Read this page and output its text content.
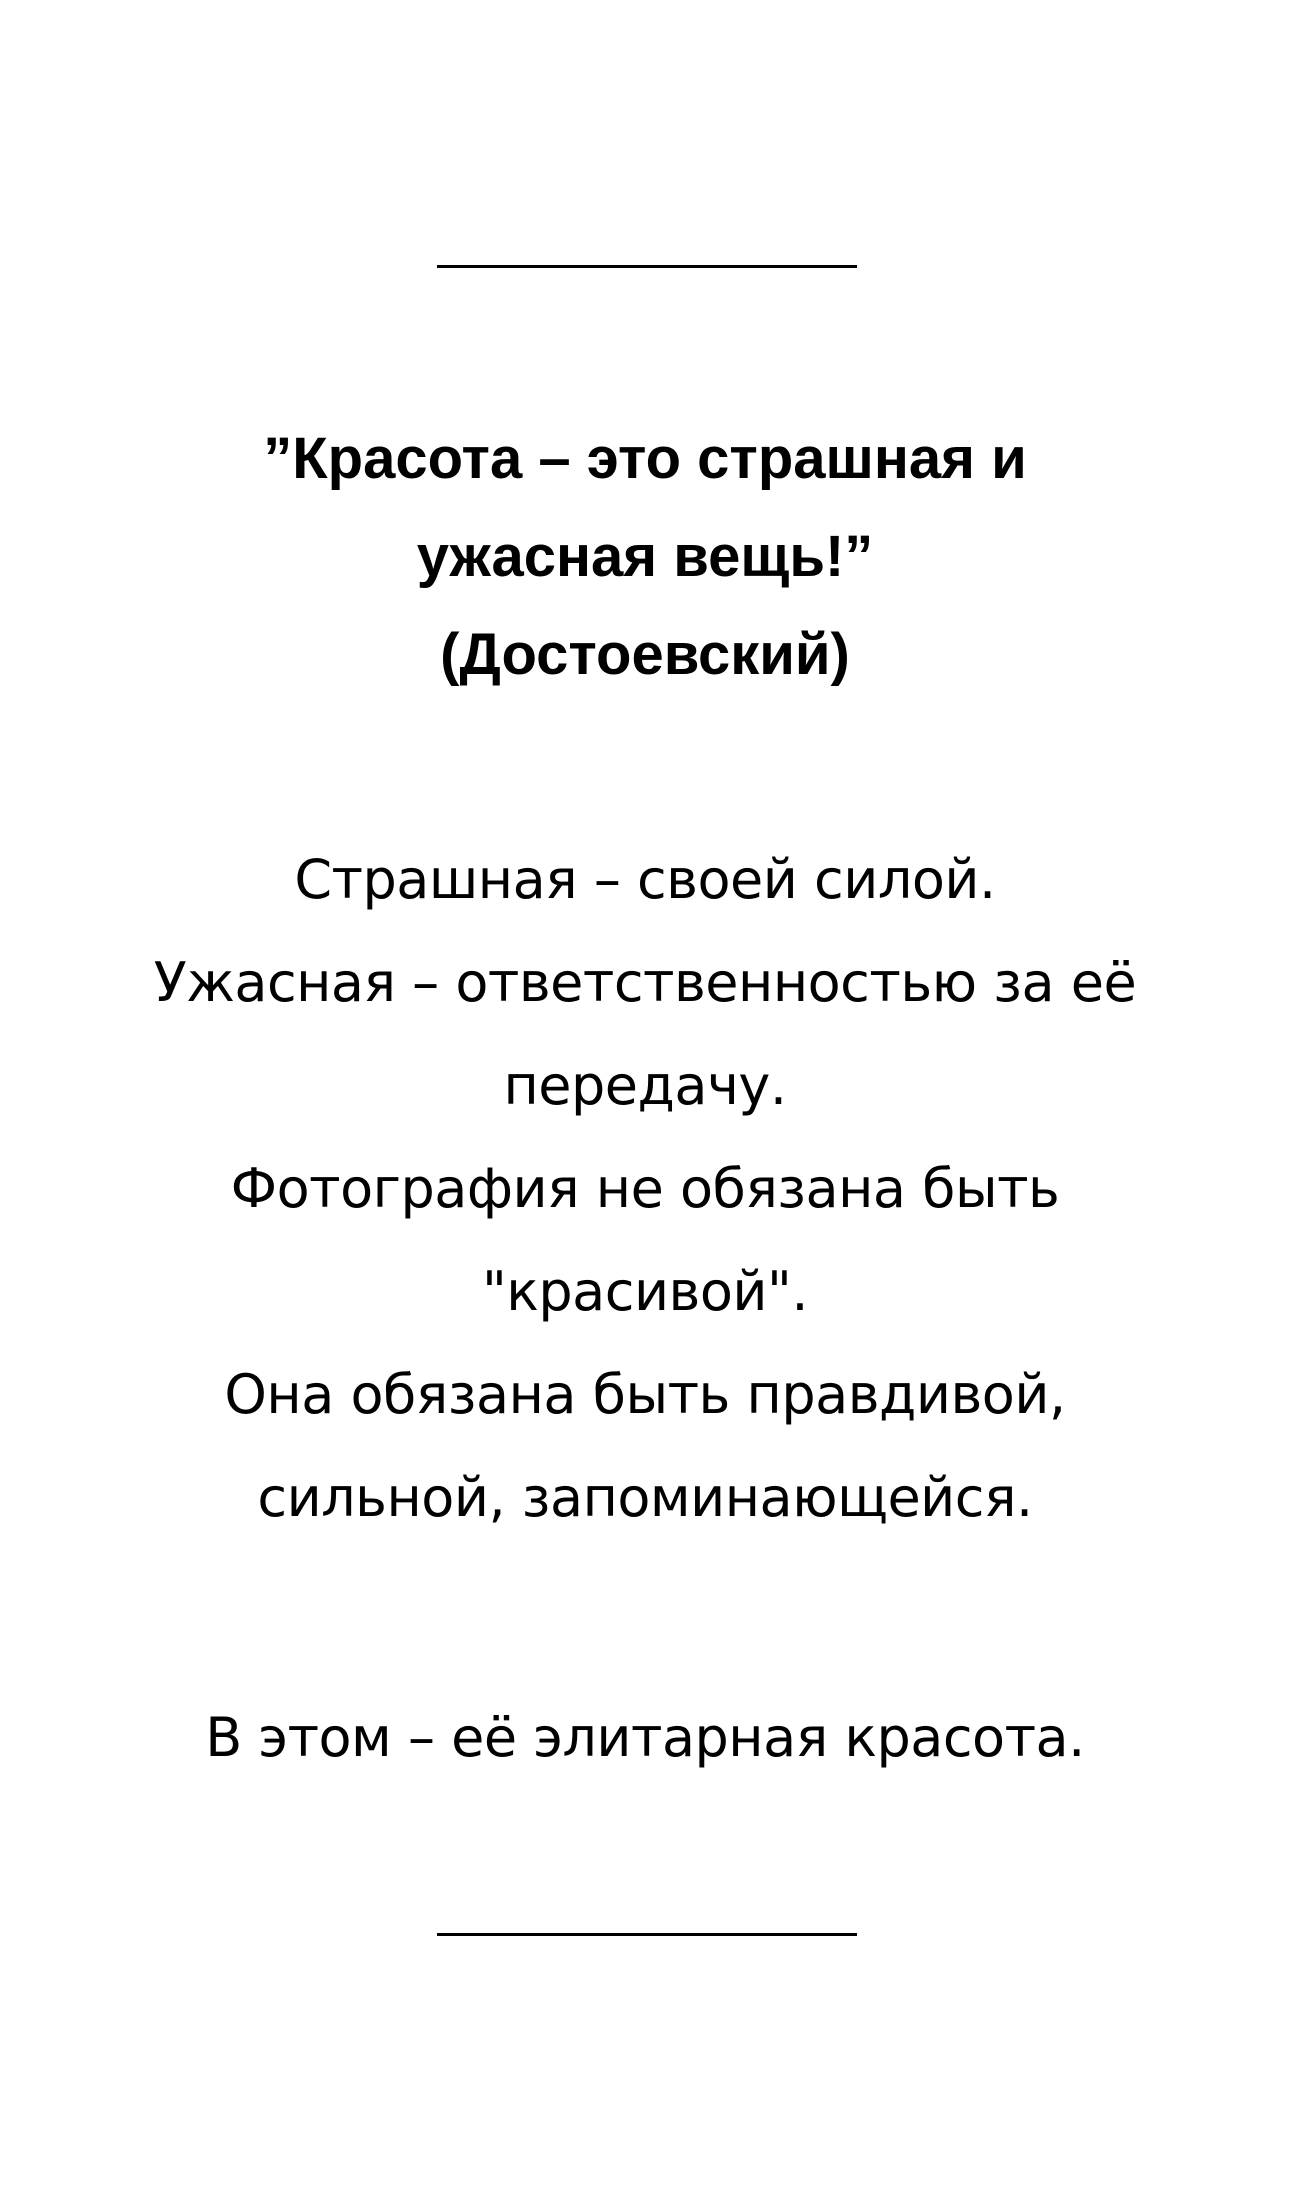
”Красота – это страшная и
ужасная вещь!”
(Достоевский)
Страшная – своей силой.
Ужасная – ответственностью за её
передачу.
Фотография не обязана быть
"красивой".
Она обязана быть правдивой,
сильной, запоминающейся.
В этом – её элитарная красота.
